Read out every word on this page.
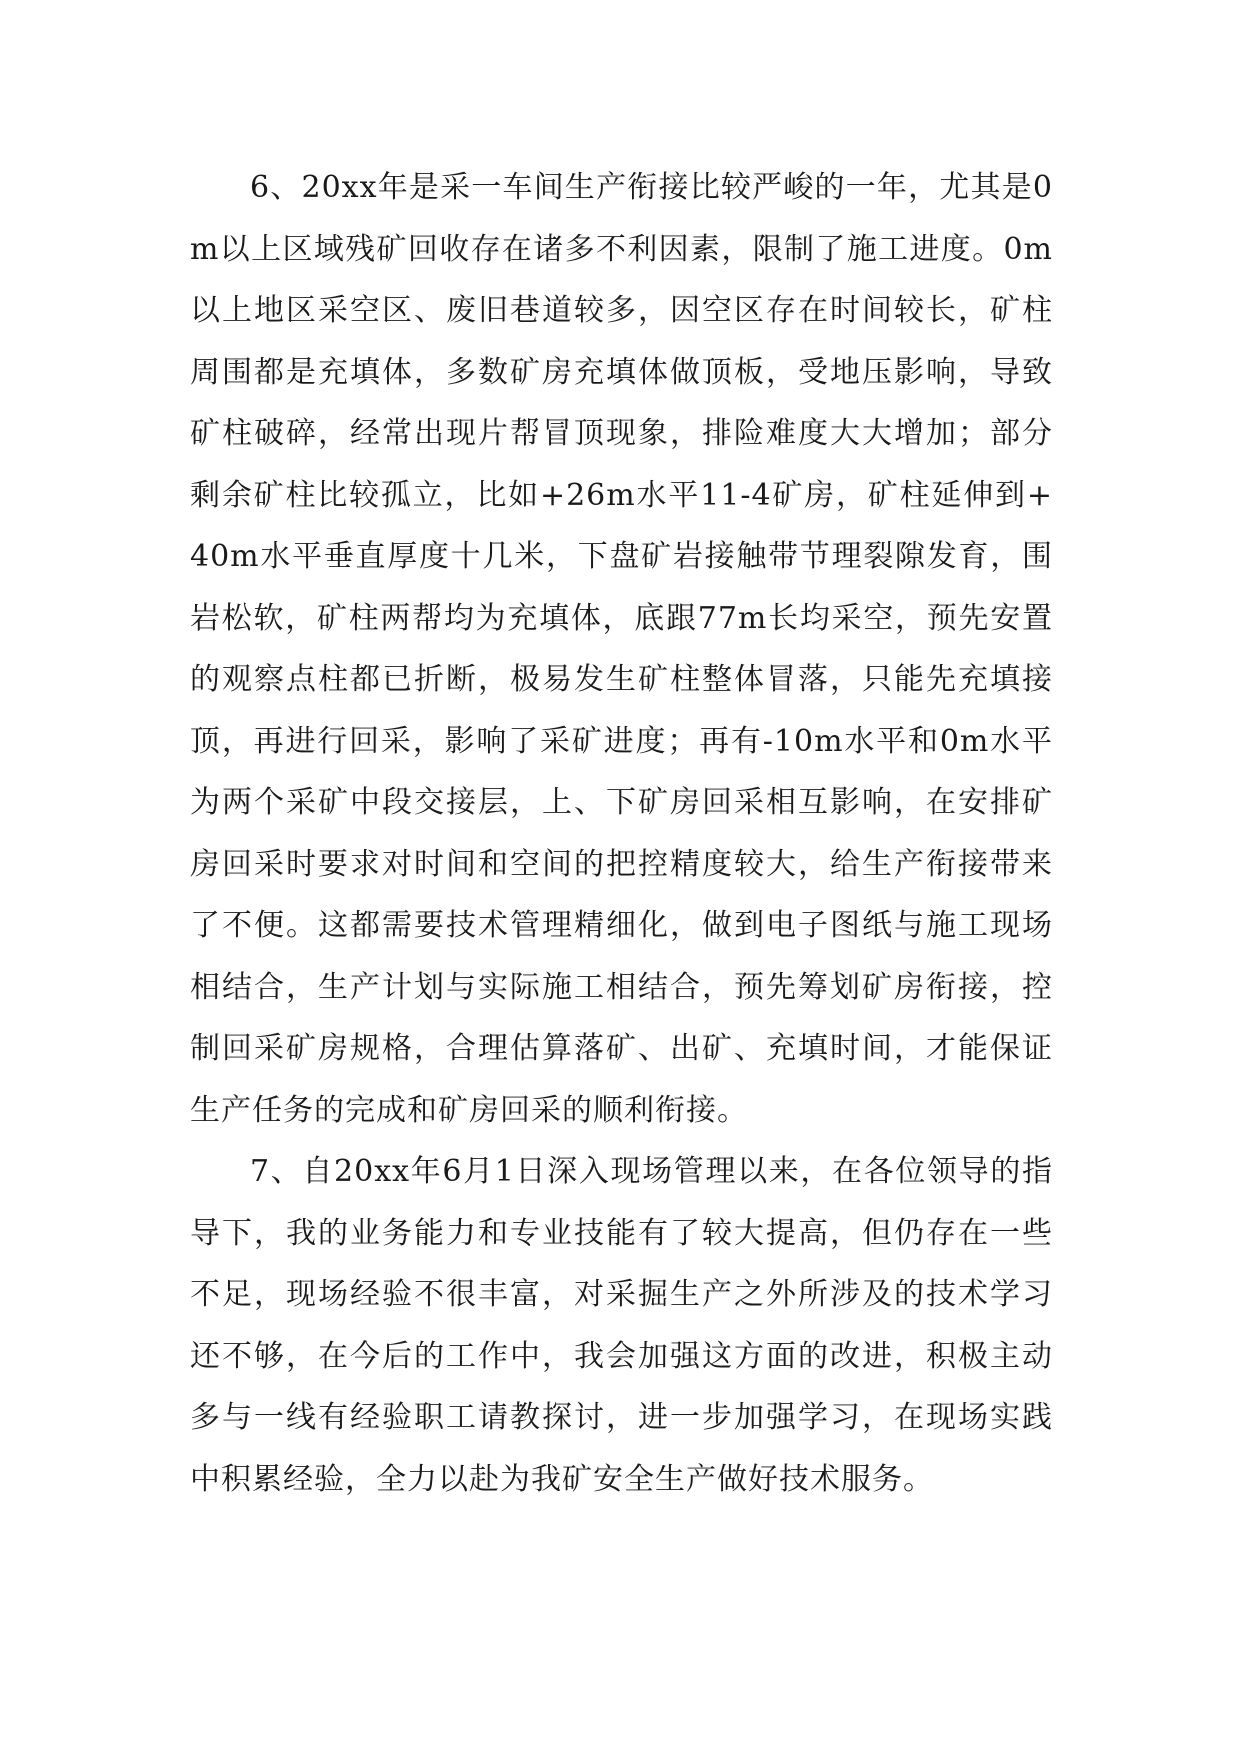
6、20xx年是采一车间生产衔接比较严峻的一年，尤其是0m以上区域残矿回收存在诸多不利因素，限制了施工进度。0m以上地区采空区、废旧巷道较多，因空区存在时间较长，矿柱周围都是充填体，多数矿房充填体做顶板，受地压影响，导致矿柱破碎，经常出现片帮冒顶现象，排险难度大大增加；部分剩余矿柱比较孤立，比如+26m水平11-4矿房，矿柱延伸到+40m水平垂直厚度十几米，下盘矿岩接触带节理裂隙发育，围岩松软，矿柱两帮均为充填体，底跟77m长均采空，预先安置的观察点柱都已折断，极易发生矿柱整体冒落，只能先充填接顶，再进行回采，影响了采矿进度；再有-10m水平和0m水平为两个采矿中段交接层，上、下矿房回采相互影响，在安排矿房回采时要求对时间和空间的把控精度较大，给生产衔接带来了不便。这都需要技术管理精细化，做到电子图纸与施工现场相结合，生产计划与实际施工相结合，预先筹划矿房衔接，控制回采矿房规格，合理估算落矿、出矿、充填时间，才能保证生产任务的完成和矿房回采的顺利衔接。

7、自20xx年6月1日深入现场管理以来，在各位领导的指导下，我的业务能力和专业技能有了较大提高，但仍存在一些不足，现场经验不很丰富，对采掘生产之外所涉及的技术学习还不够，在今后的工作中，我会加强这方面的改进，积极主动多与一线有经验职工请教探讨，进一步加强学习，在现场实践中积累经验，全力以赴为我矿安全生产做好技术服务。
